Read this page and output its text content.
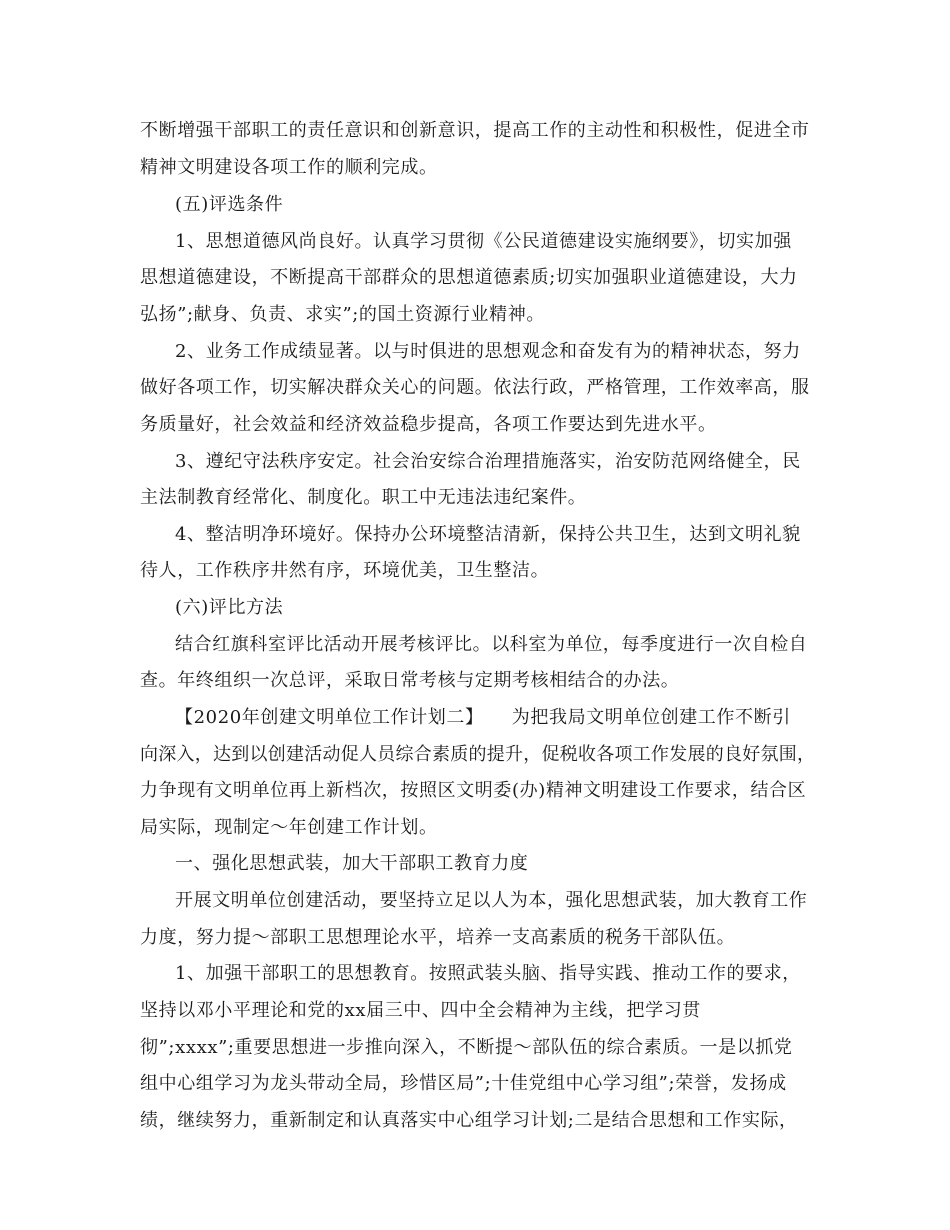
不断增强干部职工的责任意识和创新意识，提高工作的主动性和积极性，促进全市
精神文明建设各项工作的顺利完成。
(五)评选条件
1、思想道德风尚良好。认真学习贯彻《公民道德建设实施纲要》，切实加强
思想道德建设，不断提高干部群众的思想道德素质;切实加强职业道德建设，大力
弘扬”;献身、负责、求实”;的国土资源行业精神。
2、业务工作成绩显著。以与时俱进的思想观念和奋发有为的精神状态，努力
做好各项工作，切实解决群众关心的问题。依法行政，严格管理，工作效率高，服
务质量好，社会效益和经济效益稳步提高，各项工作要达到先进水平。
3、遵纪守法秩序安定。社会治安综合治理措施落实，治安防范网络健全，民
主法制教育经常化、制度化。职工中无违法违纪案件。
4、整洁明净环境好。保持办公环境整洁清新，保持公共卫生，达到文明礼貌
待人，工作秩序井然有序，环境优美，卫生整洁。
(六)评比方法
结合红旗科室评比活动开展考核评比。以科室为单位，每季度进行一次自检自
查。年终组织一次总评，采取日常考核与定期考核相结合的办法。
【2020年创建文明单位工作计划二】　　为把我局文明单位创建工作不断引
向深入，达到以创建活动促人员综合素质的提升，促税收各项工作发展的良好氛围，
力争现有文明单位再上新档次，按照区文明委(办)精神文明建设工作要求，结合区
局实际，现制定～年创建工作计划。
一、强化思想武装，加大干部职工教育力度
开展文明单位创建活动，要坚持立足以人为本，强化思想武装，加大教育工作
力度，努力提～部职工思想理论水平，培养一支高素质的税务干部队伍。
1、加强干部职工的思想教育。按照武装头脑、指导实践、推动工作的要求，
坚持以邓小平理论和党的xx届三中、四中全会精神为主线，把学习贯
彻”;xxxx”;重要思想进一步推向深入，不断提～部队伍的综合素质。一是以抓党
组中心组学习为龙头带动全局，珍惜区局”;十佳党组中心学习组”;荣誉，发扬成
绩，继续努力，重新制定和认真落实中心组学习计划;二是结合思想和工作实际，
